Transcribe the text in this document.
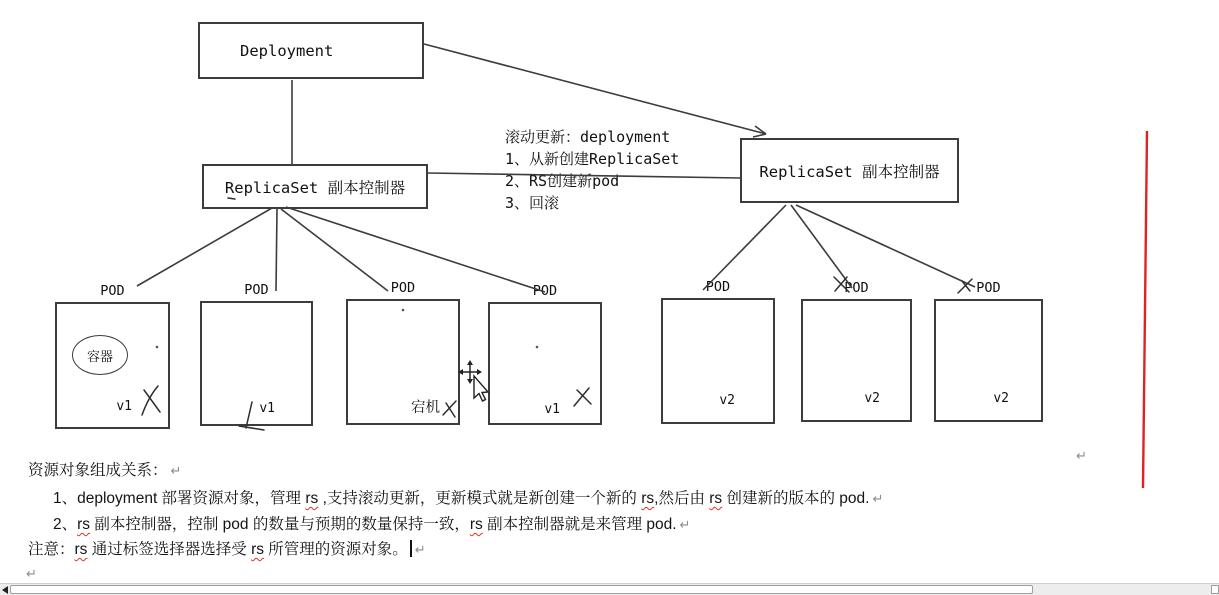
Deployment
ReplicaSet 副本控制器
ReplicaSet 副本控制器
滚动更新：deployment
1、从新创建ReplicaSet
2、RS创建新pod
3、回滚
POD
容器
v1
POD
v1
POD
宕机
POD
v1
POD
v2
POD
v2
POD
v2

资源对象组成关系： ↵

1、deployment 部署资源对象，管理 rs ,支持滚动更新，更新模式就是新创建一个新的 rs,然后由 rs 创建新的版本的 pod. ↵

2、rs 副本控制器，控制 pod 的数量与预期的数量保持一致，rs 副本控制器就是来管理 pod. ↵

注意：rs 通过标签选择器选择受 rs 所管理的资源对象。 ↵

↵
↵
